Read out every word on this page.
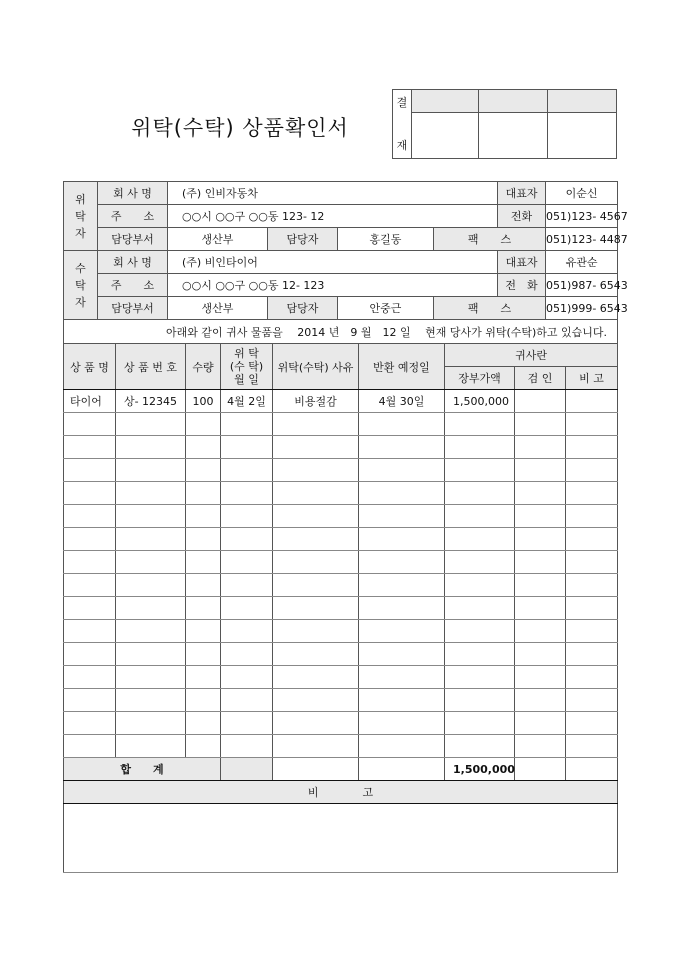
위탁(수탁) 상품확인서
결
재			

위
탁
자	회 사 명	(주) 인비자동차				대표자	이순신
	주　　소	○○시 ○○구 ○○동 123- 12				전화	051)123- 4567
	담당부서	생산부	담당자	홍길동	팩　　스		051)123- 4487

수
탁
자	회 사 명	(주) 비인타이어				대표자	유관순
	주　　소	○○시 ○○구 ○○동 12- 123				전　화	051)987- 6543
	담당부서	생산부	담당자	안중근	팩　　스		051)999- 6543
아래와 같이 귀사 물품을　 2014 년　9 월　12 일　 현재 당사가 위탁(수탁)하고 있습니다.							
상 품 명	상 품 번 호	수량	위 탁
(수 탁)
월 일	위탁(수탁) 사유	반환 예정일	귀사란		
						장부가액	검 인	비 고
타이어	상- 12345	100	4월 2일	비용절감	4월 30일	1,500,000		

합　　계						1,500,000		
비　　　　고								
